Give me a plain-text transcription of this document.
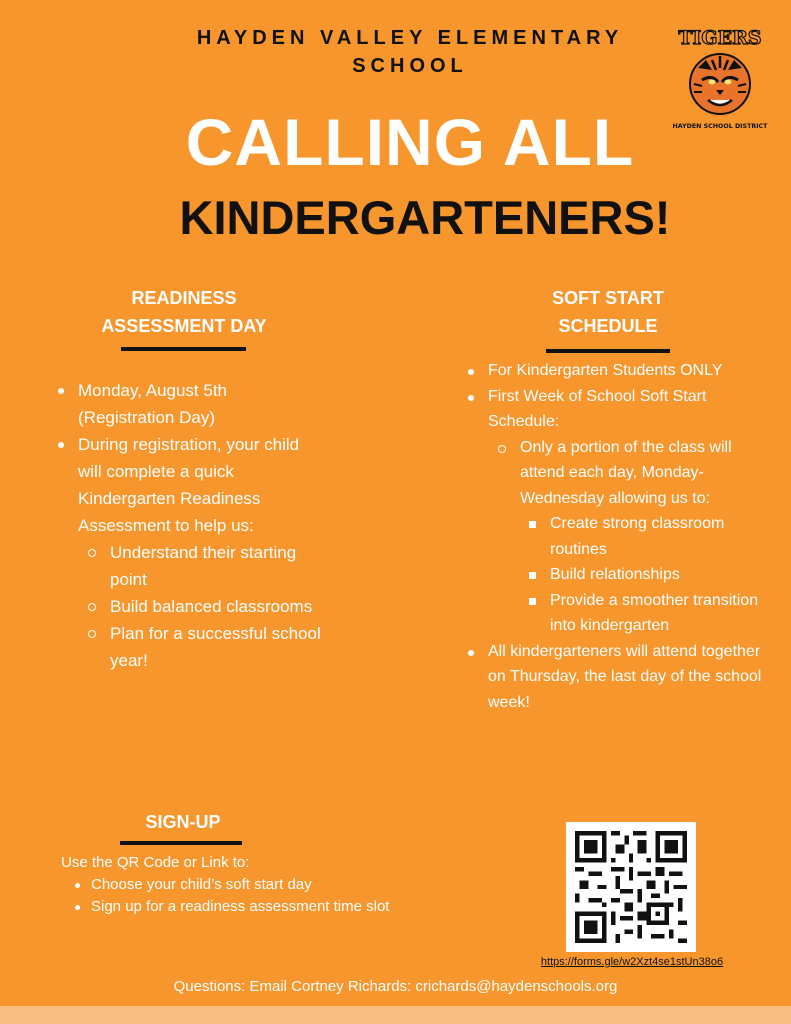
HAYDEN VALLEY ELEMENTARY
SCHOOL
TIGERS
HAYDEN SCHOOL DISTRICT
CALLING ALL
KINDERGARTENERS!
READINESS
ASSESSMENT DAY
Monday, August 5th (Registration Day)
During registration, your child will complete a quick Kindergarten Readiness Assessment to help us:
Understand their starting point
Build balanced classrooms
Plan for a successful school year!
SOFT START
SCHEDULE
For Kindergarten Students ONLY
First Week of School Soft Start Schedule:
Only a portion of the class will attend each day, Monday-Wednesday allowing us to:
Create strong classroom routines
Build relationships
Provide a smoother transition into kindergarten
All kindergarteners will attend together on Thursday, the last day of the school week!
SIGN-UP
Use the QR Code or Link to:
Choose your child’s soft start day
Sign up for a readiness assessment time slot
https://forms.gle/w2Xzt4se1stUn38o6
Questions: Email Cortney Richards: crichards@haydenschools.org
